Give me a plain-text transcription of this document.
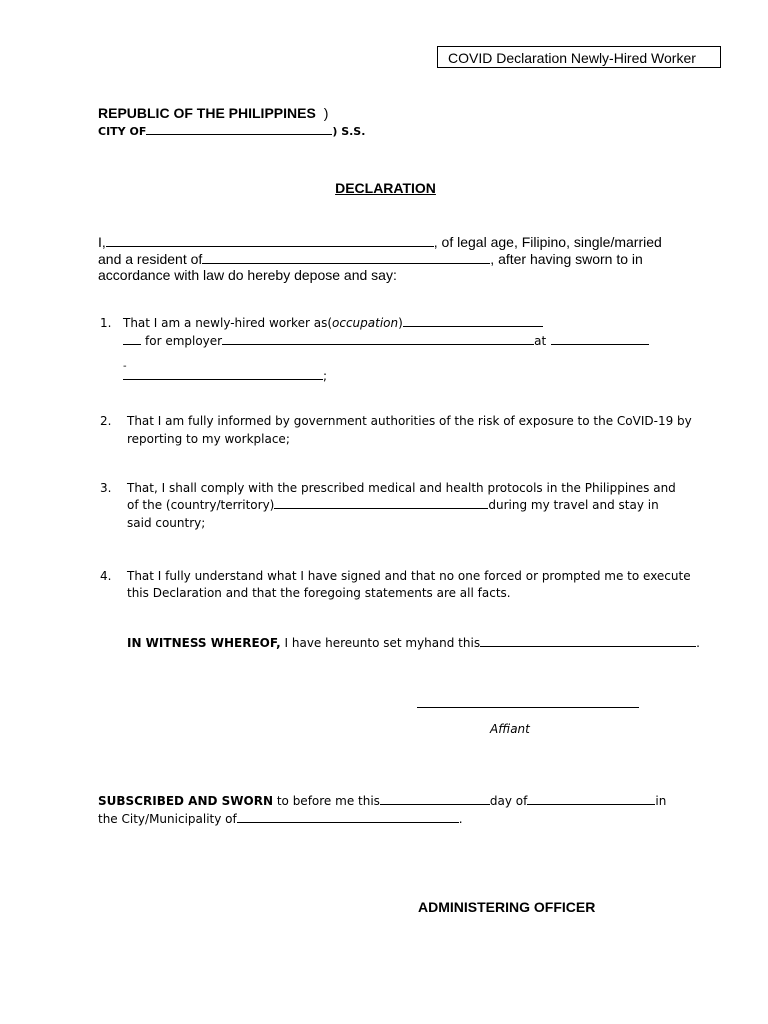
COVID Declaration Newly-Hired Worker
REPUBLIC OF THE PHILIPPINES )
CITY OF	) S.S.
DECLARATION
I,	, of legal age, Filipino, single/married
and a resident of	, after having sworn to in
accordance with law do hereby depose and say:
1. That I am a newly-hired worker as(occupation)
for employer	at
-
;
2. That I am fully informed by government authorities of the risk of exposure to the CoVID-19 by
reporting to my workplace;
3. That, I shall comply with the prescribed medical and health protocols in the Philippines and
of the (country/territory)	during my travel and stay in
said country;
4. That I fully understand what I have signed and that no one forced or prompted me to execute
this Declaration and that the foregoing statements are all facts.
IN WITNESS WHEREOF, I have hereunto set myhand this	.
Affiant
SUBSCRIBED AND SWORN to before me this	day of	in
the City/Municipality of	.
ADMINISTERING OFFICER
